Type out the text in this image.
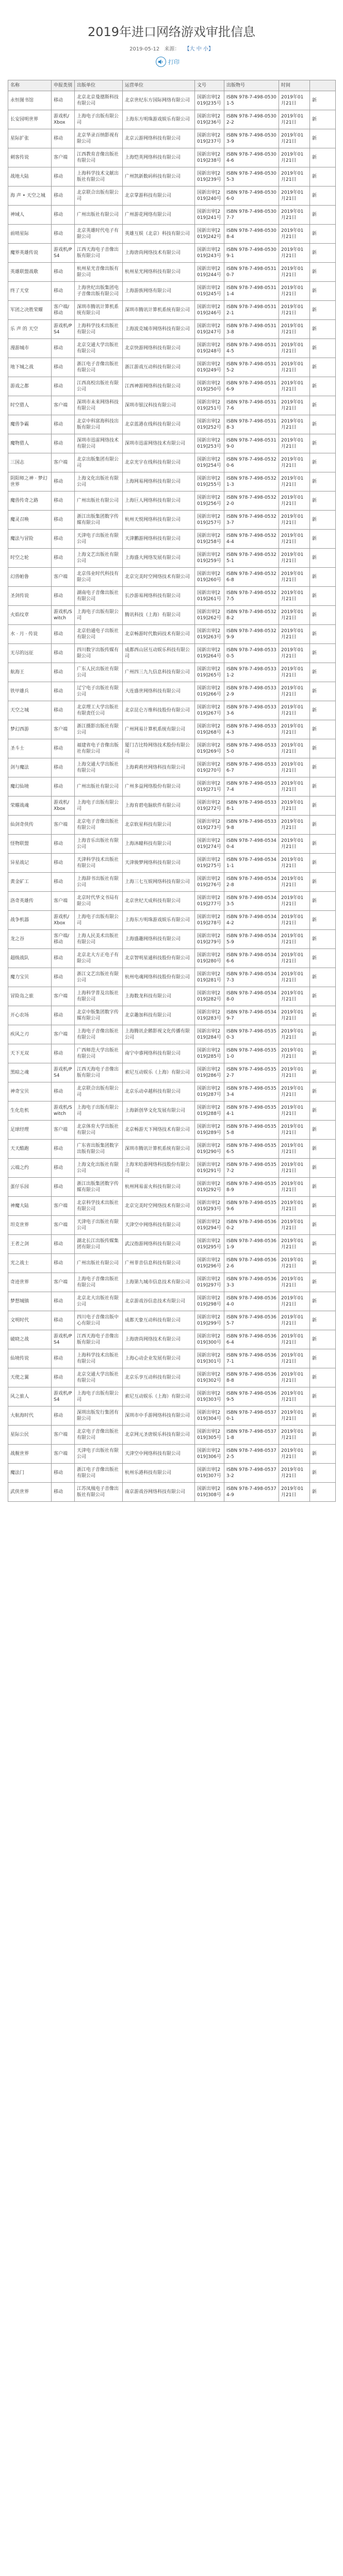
2019年进口网络游戏审批信息
2019-05-12 来源： 【大 中 小】
打印
名称	申报类别	出版单位	运营单位	文号	出版物号	时间	
永恒图书馆	移动	北京北京曼德斯科技有限公司	北京世纪东方国际网络有限公司	国新出审[2019]235号	ISBN 978-7-498-05301-5	2019年01月21日	新
长安园明世界	游戏机/Xbox	上海电子出版有限公司	上海东方明珠游戏娱乐有限公司	国新出审[2019]236号	ISBN 978-7-498-05302-2	2019年01月21日	新
星际扩张	移动	北京华录百纳影视有限公司	北京云游网络科技有限公司	国新出审[2019]237号	ISBN 978-7-498-05303-9	2019年01月21日	新
刺客传说	客户端	江西教育音像出版社有限公司	上海恺英网络科技有限公司	国新出审[2019]238号	ISBN 978-7-498-05304-6	2019年01月21日	新
战地大陆	移动	上海科学技术文献出版社有限公司	广州凯新数码科技有限公司	国新出审[2019]239号	ISBN 978-7-498-05305-3	2019年01月21日	新
海 声 • 天空之城	移动	北京联合出版有限公司	北京掌游科技有限公司	国新出审[2019]240号	ISBN 978-7-498-05306-0	2019年01月21日	新
神域人	移动	广州出版社有限公司	广州游花网络有限公司	国新出审[2019]241号	ISBN 978-7-498-05307-7	2019年01月21日	新
前哨星际	移动	北京英雄时代电子有限公司	英雄互娱（北京）科技有限公司	国新出审[2019]242号	ISBN 978-7-498-05308-4	2019年01月21日	新
魔界英雄传说	游戏机/PS4	江西天海电子音像出版有限公司	上海唐尚网络技术有限公司	国新出审[2019]243号	ISBN 978-7-498-05309-1	2019年01月21日	新
英雄联盟战歌	移动	杭州星光音像出版有限公司	杭州星光网络科技有限公司	国新出审[2019]244号	ISBN 978-7-498-05310-7	2019年01月21日	新
终了天堂	移动	上海世纪出版集团电子音像出版有限公司	上海游族网络有限公司	国新出审[2019]245号	ISBN 978-7-498-05311-4	2019年01月21日	新
军团之决胜荣耀	客户端/移动	深圳市腾讯计算机系统有限公司	深圳市腾讯计算机系统有限公司	国新出审[2019]246号	ISBN 978-7-498-05312-1	2019年01月21日	新
乐 声 的 天空	游戏机/PS4	上海科学技术出版社有限公司	上海波克城市网络科技有限公司	国新出审[2019]247号	ISBN 978-7-498-05313-8	2019年01月21日	新
漫游城市	移动	北京交通大学出版社有限公司	北京快游网络科技有限公司	国新出审[2019]248号	ISBN 978-7-498-05314-5	2019年01月21日	新
地下城之战	移动	浙江电子音像出版社有限公司	浙江游戏互动科技有限公司	国新出审[2019]249号	ISBN 978-7-498-05315-2	2019年01月21日	新
游戏之都	移动	江西高校出版社有限公司	江西神游网络科技有限公司	国新出审[2019]250号	ISBN 978-7-498-05316-9	2019年01月21日	新
时空猎人	客户端	深圳市未来网络科技有限公司	深圳市银汉科技有限公司	国新出审[2019]251号	ISBN 978-7-498-05317-6	2019年01月21日	新
魔兽争霸	移动	北京中科富海科技出版有限公司	北京蓝港在线科技有限公司	国新出审[2019]252号	ISBN 978-7-498-05318-3	2019年01月21日	新
魔物猎人	移动	深圳市迅雷网络技术有限公司	深圳市迅雷网络技术有限公司	国新出审[2019]253号	ISBN 978-7-498-05319-0	2019年01月21日	新
三国志	客户端	北京出版集团有限公司	北京光宇在线科技有限公司	国新出审[2019]254号	ISBN 978-7-498-05320-6	2019年01月21日	新
阴阳师之神 · 梦幻世界	移动	上海文化出版社有限公司	上海网易网络科技有限公司	国新出审[2019]255号	ISBN 978-7-498-05321-3	2019年01月21日	新
魔兽传奇之路	移动	广州出版社有限公司	上海巨人网络科技有限公司	国新出审[2019]256号	ISBN 978-7-498-05322-0	2019年01月21日	新
魔灵召唤	移动	浙江出版集团数字传媒有限公司	杭州天悦网络科技有限公司	国新出审[2019]257号	ISBN 978-7-498-05323-7	2019年01月21日	新
魔法与冒险	移动	天津电子出版社有限公司	天津鹏游网络科技有限公司	国新出审[2019]258号	ISBN 978-7-498-05324-4	2019年01月21日	新
时空之轮	移动	上海文艺出版社有限公司	上海盛大网络发展有限公司	国新出审[2019]259号	ISBN 978-7-498-05325-1	2019年01月21日	新
幻兽帕鲁	客户端	北京伟业时代科技有限公司	北京完美时空网络技术有限公司	国新出审[2019]260号	ISBN 978-7-498-05326-8	2019年01月21日	新
圣剑传说	移动	湖南电子音像出版社有限公司	长沙游易网络科技有限公司	国新出审[2019]261号	ISBN 978-7-498-05327-5	2019年01月21日	新
火焰纹章	游戏机/Switch	上海电子出版有限公司	腾讯科技（上海）有限公司	国新出审[2019]262号	ISBN 978-7-498-05328-2	2019年01月21日	新
水 · 月 · 传说	移动	北京伯通电子出版社有限公司	北京畅游时代数码技术有限公司	国新出审[2019]263号	ISBN 978-7-498-05329-9	2019年01月21日	新
无尽的远征	移动	四川数字出版传媒有限公司	成都西山居互动娱乐科技有限公司	国新出审[2019]264号	ISBN 978-7-498-05330-5	2019年01月21日	新
航海王	移动	广东人民出版社有限公司	广州四三九九信息科技有限公司	国新出审[2019]265号	ISBN 978-7-498-05331-2	2019年01月21日	新
铁甲雄兵	移动	辽宁电子出版社有限公司	大连盛世网络科技有限公司	国新出审[2019]266号	ISBN 978-7-498-05332-9	2019年01月21日	新
天空之城	移动	北京理工大学出版社有限责任公司	北京昆仑万维科技股份有限公司	国新出审[2019]267号	ISBN 978-7-498-05333-6	2019年01月21日	新
梦幻西游	客户端	浙江摄影出版社有限公司	广州网易计算机系统有限公司	国新出审[2019]268号	ISBN 978-7-498-05334-3	2019年01月21日	新
圣斗士	移动	福建省电子音像出版社有限公司	厦门吉比特网络技术股份有限公司	国新出审[2019]269号	ISBN 978-7-498-05335-0	2019年01月21日	新
剑与魔法	移动	上海交通大学出版社有限公司	上海莉莉丝网络科技有限公司	国新出审[2019]270号	ISBN 978-7-498-05336-7	2019年01月21日	新
魔幻仙境	移动	广州出版社有限公司	广州多益网络股份有限公司	国新出审[2019]271号	ISBN 978-7-498-05337-4	2019年01月21日	新
荣耀战魂	游戏机/Xbox	上海电子出版有限公司	上海育碧电脑软件有限公司	国新出审[2019]272号	ISBN 978-7-498-05338-1	2019年01月21日	新
仙剑奇侠传	客户端	北京电子音像出版社有限公司	北京软星科技有限公司	国新出审[2019]273号	ISBN 978-7-498-05339-8	2019年01月21日	新
怪物联盟	移动	上海音乐出版社有限公司	上海沐瞳科技有限公司	国新出审[2019]274号	ISBN 978-7-498-05340-4	2019年01月21日	新
异星战记	移动	天津科学技术出版社有限公司	天津骏梦网络科技有限公司	国新出审[2019]275号	ISBN 978-7-498-05341-1	2019年01月21日	新
黄金矿工	移动	上海辞书出版社有限公司	上海三七互娱网络科技有限公司	国新出审[2019]276号	ISBN 978-7-498-05342-8	2019年01月21日	新
洛奇英雄传	客户端	北京时代华文书局有限公司	北京世纪天成科技有限公司	国新出审[2019]277号	ISBN 978-7-498-05343-5	2019年01月21日	新
战争机器	游戏机/Xbox	上海电子出版有限公司	上海东方明珠游戏娱乐有限公司	国新出审[2019]278号	ISBN 978-7-498-05344-2	2019年01月21日	新
龙之谷	客户端/移动	上海人民美术出版社有限公司	上海盛趣网络科技有限公司	国新出审[2019]279号	ISBN 978-7-498-05345-9	2019年01月21日	新
超级战队	移动	北京北大方正电子有限公司	北京智明星通科技股份有限公司	国新出审[2019]280号	ISBN 978-7-498-05346-6	2019年01月21日	新
魔力宝贝	移动	浙江文艺出版社有限公司	杭州电魂网络科技股份有限公司	国新出审[2019]281号	ISBN 978-7-498-05347-3	2019年01月21日	新
冒险岛之旅	客户端	上海科学普及出版社有限公司	上海数龙科技有限公司	国新出审[2019]282号	ISBN 978-7-498-05348-0	2019年01月21日	新
开心农场	移动	北京中版集团数字传媒有限公司	北京趣加科技有限公司	国新出审[2019]283号	ISBN 978-7-498-05349-7	2019年01月21日	新
疾风之刃	客户端	上海电子音像出版社有限公司	上海腾讯企鹅影视文化传播有限公司	国新出审[2019]284号	ISBN 978-7-498-05350-3	2019年01月21日	新
天下无双	移动	广西师范大学出版社有限公司	南宁中睿网络科技有限公司	国新出审[2019]285号	ISBN 978-7-498-05351-0	2019年01月21日	新
黑暗之魂	游戏机/PS4	江西天海电子音像出版有限公司	索尼互动娱乐（上海）有限公司	国新出审[2019]286号	ISBN 978-7-498-05352-7	2019年01月21日	新
神奇宝贝	移动	北京联合出版有限公司	北京乐动卓越科技有限公司	国新出审[2019]287号	ISBN 978-7-498-05353-4	2019年01月21日	新
生化危机	游戏机/Switch	上海电子出版有限公司	上海新创华文化发展有限公司	国新出审[2019]288号	ISBN 978-7-498-05354-1	2019年01月21日	新
足球经理	客户端	北京体育大学出版社有限公司	北京畅游天下网络技术有限公司	国新出审[2019]289号	ISBN 978-7-498-05355-8	2019年01月21日	新
天天酷跑	移动	广东省出版集团数字出版有限公司	深圳市腾讯计算机系统有限公司	国新出审[2019]290号	ISBN 978-7-498-05356-5	2019年01月21日	新
云端之约	移动	上海文化出版社有限公司	上海米哈游网络科技股份有限公司	国新出审[2019]291号	ISBN 978-7-498-05357-2	2019年01月21日	新
蛋仔乐园	移动	浙江出版集团数字传媒有限公司	杭州网易雷火科技有限公司	国新出审[2019]292号	ISBN 978-7-498-05358-9	2019年01月21日	新
神魔大陆	客户端	北京科学技术出版社有限公司	北京完美时空网络技术有限公司	国新出审[2019]293号	ISBN 978-7-498-05359-6	2019年01月21日	新
坦克世界	客户端	天津电子出版社有限公司	天津空中网络科技有限公司	国新出审[2019]294号	ISBN 978-7-498-05360-2	2019年01月21日	新
王者之剑	移动	湖北长江出版传媒集团有限公司	武汉指游网络科技有限公司	国新出审[2019]295号	ISBN 978-7-498-05361-9	2019年01月21日	新
光之战士	移动	广州出版社有限公司	广州菲音信息科技有限公司	国新出审[2019]296号	ISBN 978-7-498-05362-6	2019年01月21日	新
奇迹世界	客户端	上海电子音像出版社有限公司	上海第九城市信息技术有限公司	国新出审[2019]297号	ISBN 978-7-498-05363-3	2019年01月21日	新
梦想城镇	移动	北京北大出版社有限公司	北京游戏谷信息技术有限公司	国新出审[2019]298号	ISBN 978-7-498-05364-0	2019年01月21日	新
文明时代	移动	四川电子音像出版中心有限公司	成都天象互动科技有限公司	国新出审[2019]299号	ISBN 978-7-498-05365-7	2019年01月21日	新
破晓之战	游戏机/PS4	江西天海电子音像出版有限公司	上海唐尚网络技术有限公司	国新出审[2019]300号	ISBN 978-7-498-05366-4	2019年01月21日	新
仙境传说	移动	上海科学技术出版社有限公司	上海心动企业发展有限公司	国新出审[2019]301号	ISBN 978-7-498-05367-1	2019年01月21日	新
天使之翼	移动	北京交通大学出版社有限公司	北京乐享互动科技有限公司	国新出审[2019]302号	ISBN 978-7-498-05368-8	2019年01月21日	新
风之旅人	游戏机/PS4	上海电子出版有限公司	索尼互动娱乐（上海）有限公司	国新出审[2019]303号	ISBN 978-7-498-05369-5	2019年01月21日	新
大航海时代	移动	深圳出版发行集团有限公司	深圳市中手游网络科技有限公司	国新出审[2019]304号	ISBN 978-7-498-05370-1	2019年01月21日	新
星际公民	客户端	北京电子音像出版社有限公司	北京网元圣唐娱乐科技有限公司	国新出审[2019]305号	ISBN 978-7-498-05371-8	2019年01月21日	新
战舰世界	客户端	天津电子出版社有限公司	天津空中网络科技有限公司	国新出审[2019]306号	ISBN 978-7-498-05372-5	2019年01月21日	新
魔法门	移动	浙江电子音像出版社有限公司	杭州乐港科技有限公司	国新出审[2019]307号	ISBN 978-7-498-05373-2	2019年01月21日	新
武侠世界	移动	江苏凤凰电子音像出版社有限公司	南京游戏谷网络科技有限公司	国新出审[2019]308号	ISBN 978-7-498-05374-9	2019年01月21日	新
